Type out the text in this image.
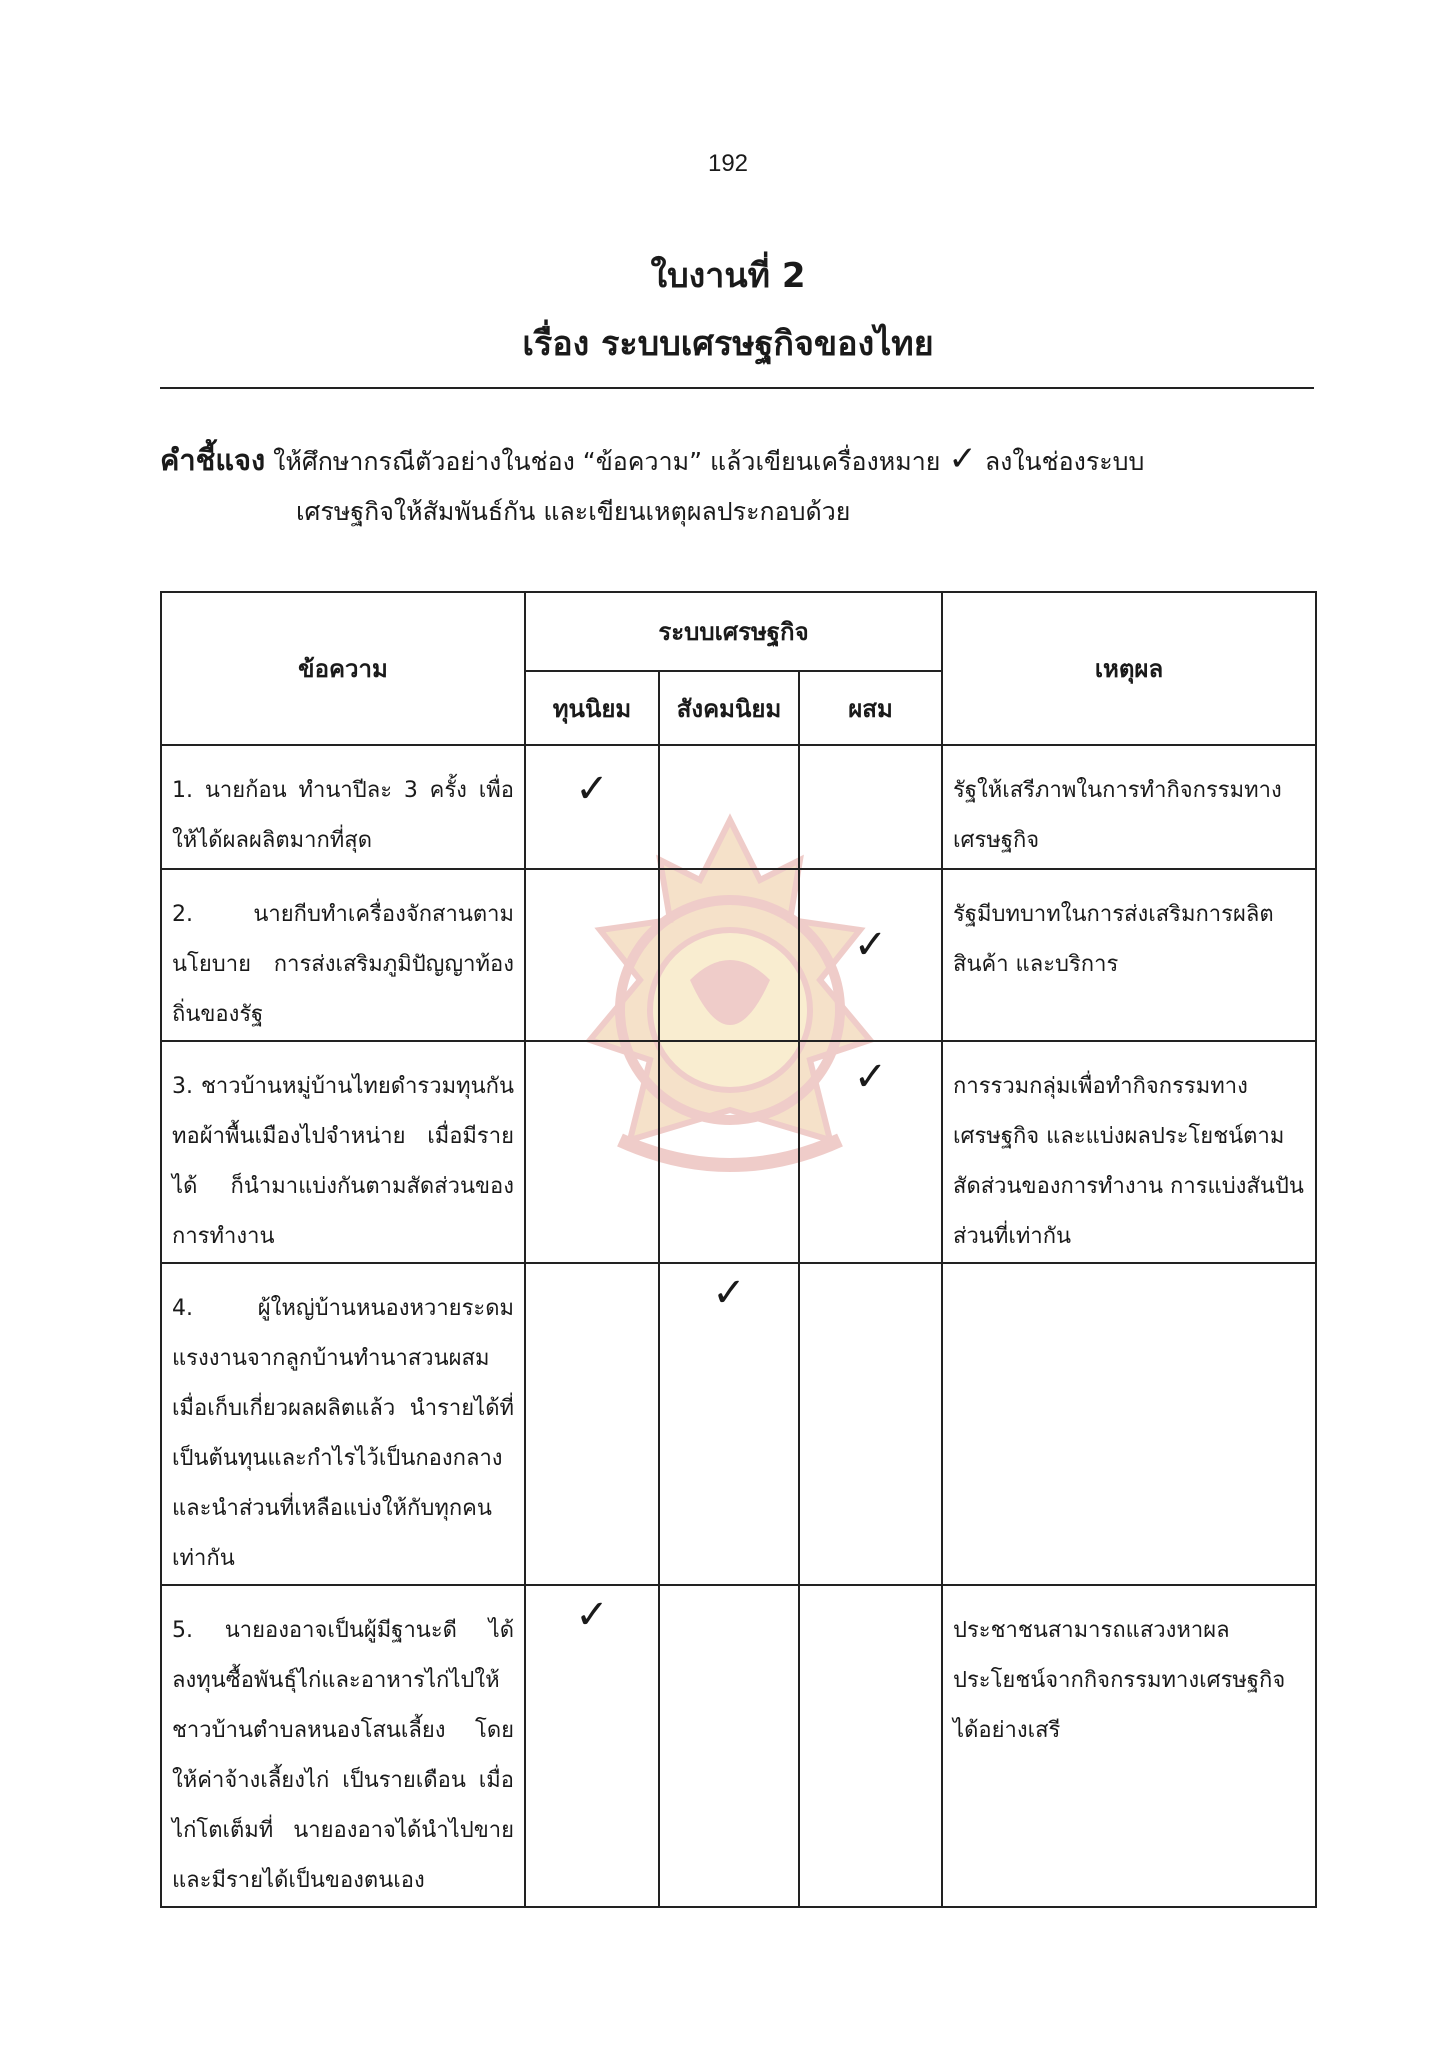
192
ใบงานที่ 2
เรื่อง ระบบเศรษฐกิจของไทย
คำชี้แจง ให้ศึกษากรณีตัวอย่างในช่อง “ข้อความ” แล้วเขียนเครื่องหมาย ✓ ลงในช่องระบบ
เศรษฐกิจให้สัมพันธ์กัน และเขียนเหตุผลประกอบด้วย
ข้อความ	ระบบเศรษฐกิจ			เหตุผล
	ทุนนิยม	สังคมนิยม	ผสม	
1. นายก้อน ทำนาปีละ 3 ครั้ง เพื่อให้ได้ผลผลิตมากที่สุด	✓			รัฐให้เสรีภาพในการทำกิจกรรมทางเศรษฐกิจ
2. นายกีบทำเครื่องจักสานตามนโยบาย การส่งเสริมภูมิปัญญาท้องถิ่นของรัฐ			✓	รัฐมีบทบาทในการส่งเสริมการผลิตสินค้า และบริการ
3. ชาวบ้านหมู่บ้านไทยดำรวมทุนกันทอผ้าพื้นเมืองไปจำหน่าย เมื่อมีรายได้ ก็นำมาแบ่งกันตามสัดส่วนของการทำงาน			✓	การรวมกลุ่มเพื่อทำกิจกรรมทางเศรษฐกิจ และแบ่งผลประโยชน์ตามสัดส่วนของการทำงาน การแบ่งสันปันส่วนที่เท่ากัน
4. ผู้ใหญ่บ้านหนองหวายระดมแรงงานจากลูกบ้านทำนาสวนผสม เมื่อเก็บเกี่ยวผลผลิตแล้ว นำรายได้ที่เป็นต้นทุนและกำไรไว้เป็นกองกลาง และนำส่วนที่เหลือแบ่งให้กับทุกคนเท่ากัน		✓		
5. นายองอาจเป็นผู้มีฐานะดี ได้ลงทุนซื้อพันธุ์ไก่และอาหารไก่ไปให้ชาวบ้านตำบลหนองโสนเลี้ยง โดยให้ค่าจ้างเลี้ยงไก่ เป็นรายเดือน เมื่อไก่โตเต็มที่ นายองอาจได้นำไปขายและมีรายได้เป็นของตนเอง	✓			ประชาชนสามารถแสวงหาผลประโยชน์จากกิจกรรมทางเศรษฐกิจได้อย่างเสรี
